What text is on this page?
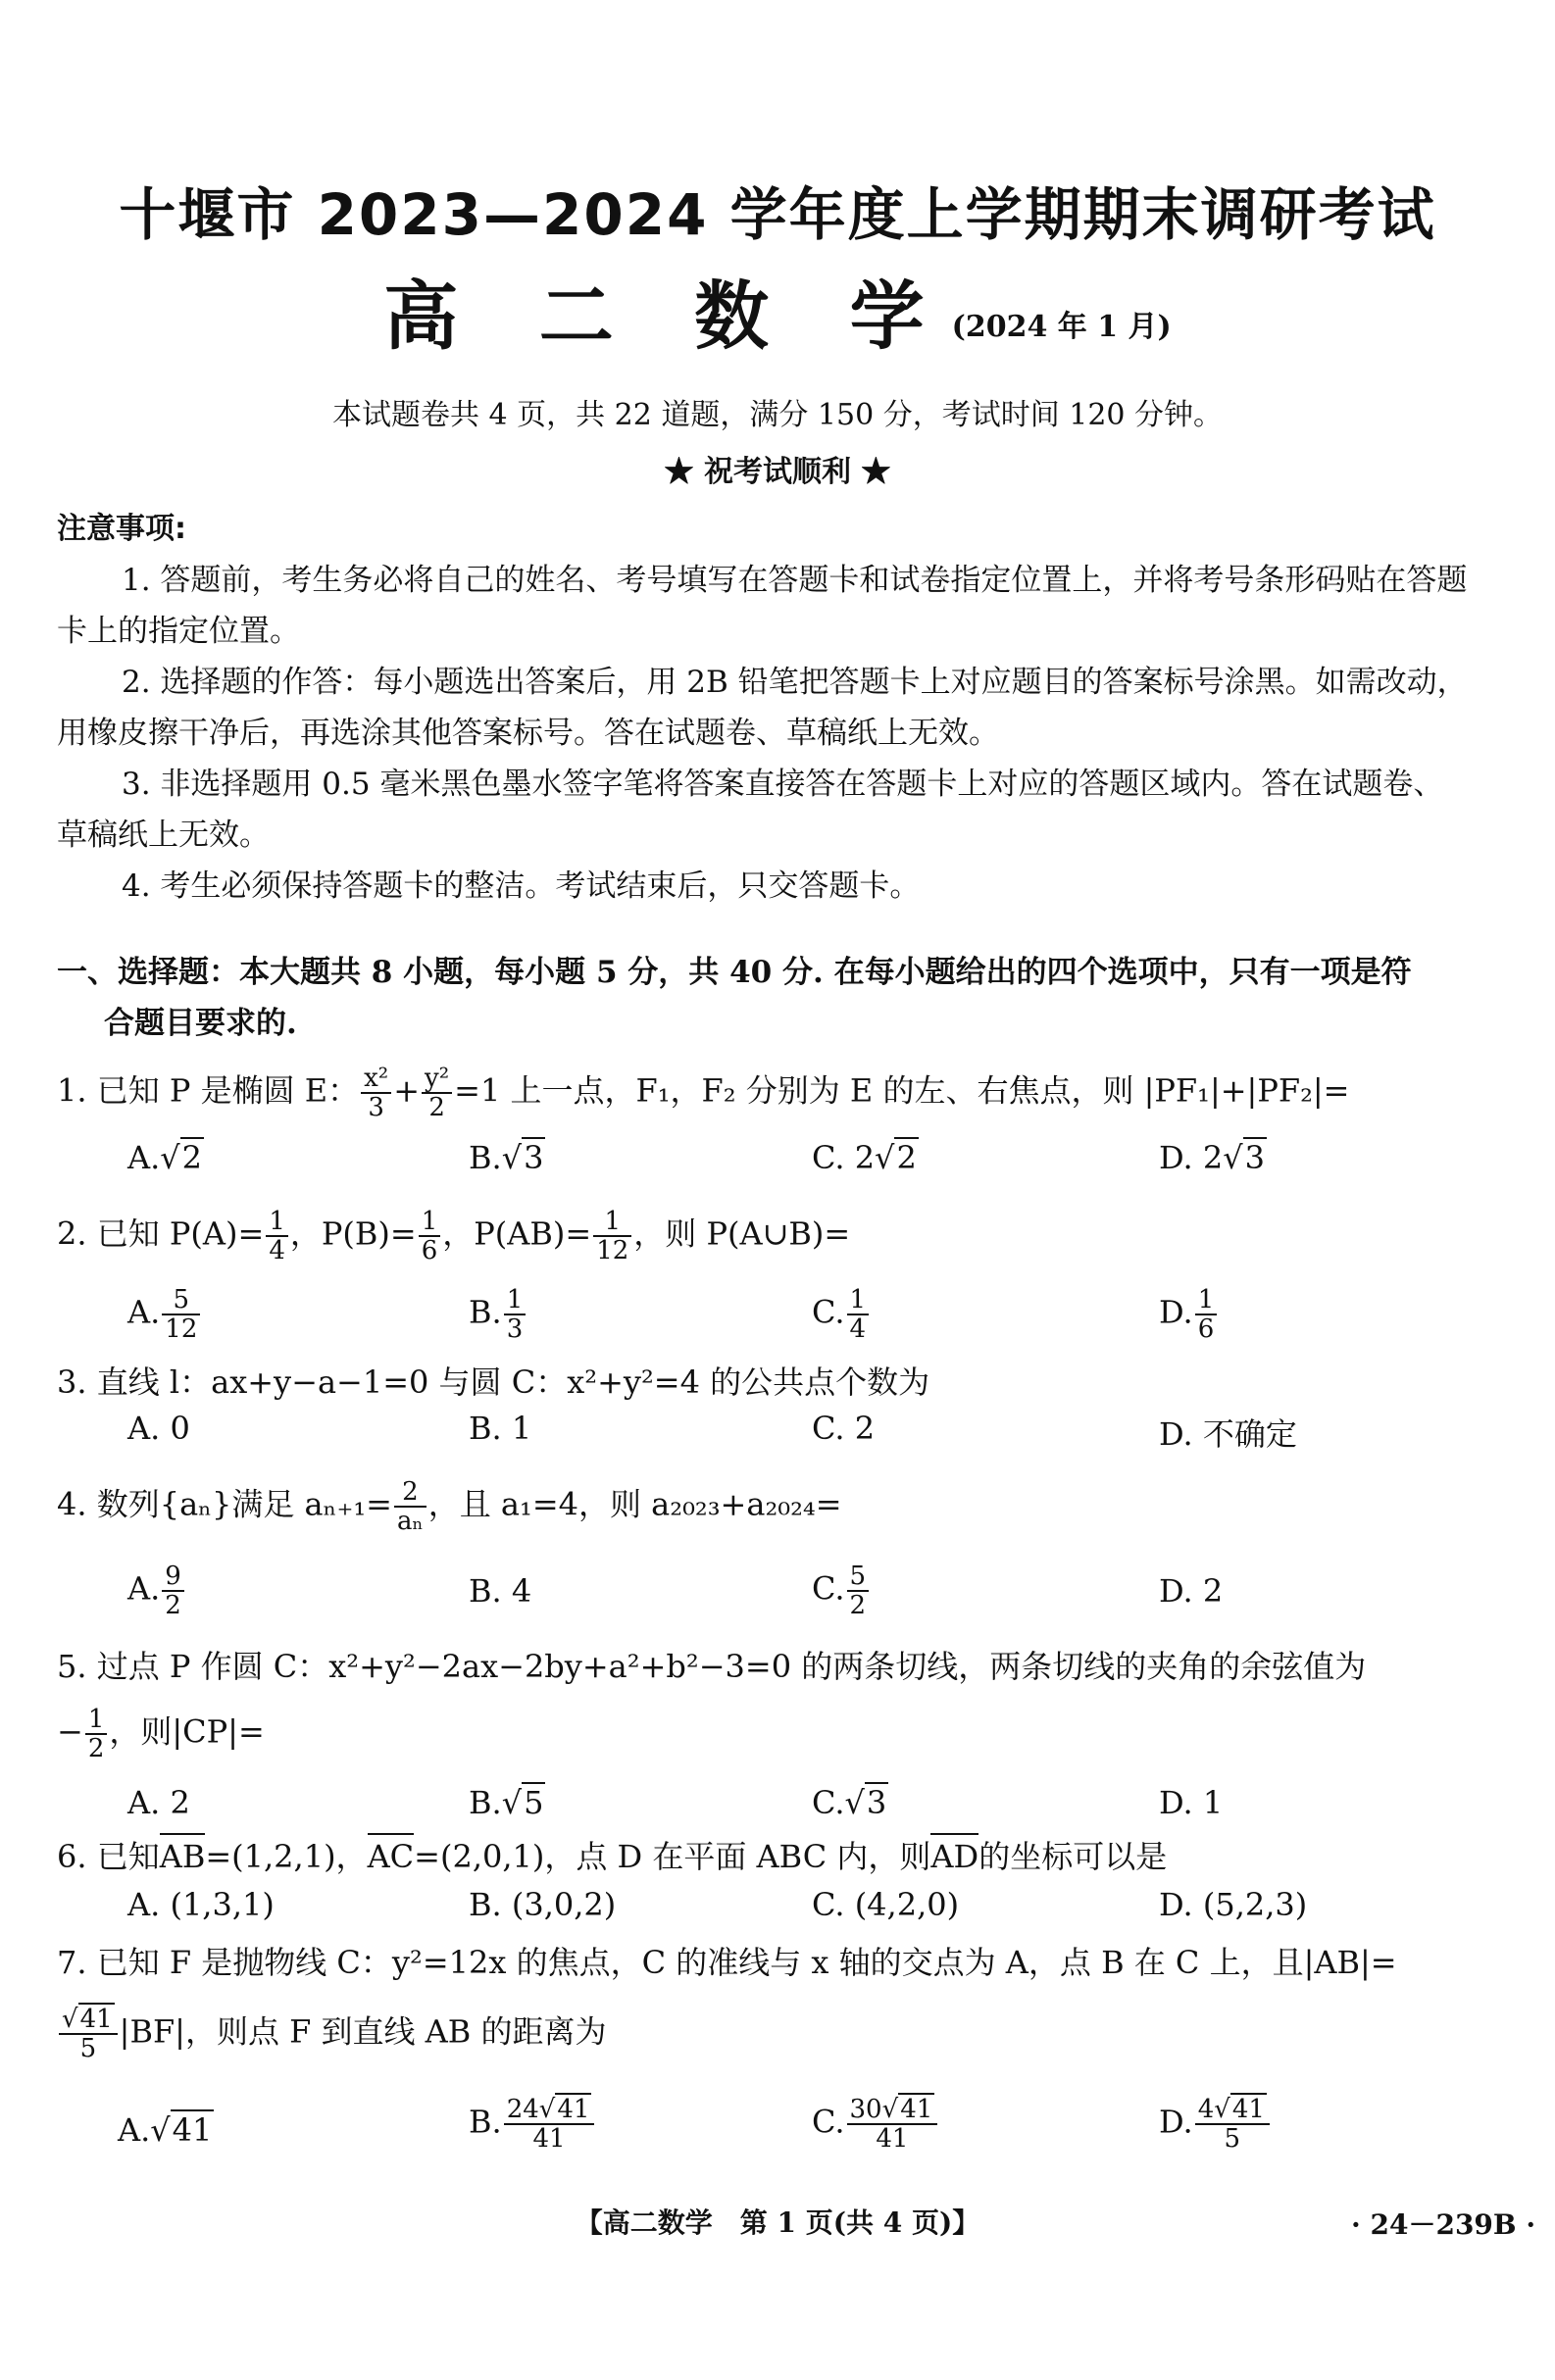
十堰市 2023—2024 学年度上学期期末调研考试
高 二 数 学(2024 年 1 月)
本试题卷共 4 页，共 22 道题，满分 150 分，考试时间 120 分钟。
★ 祝考试顺利 ★
注意事项:
1. 答题前，考生务必将自己的姓名、考号填写在答题卡和试卷指定位置上，并将考号条形码贴在答题卡上的指定位置。
2. 选择题的作答：每小题选出答案后，用 2B 铅笔把答题卡上对应题目的答案标号涂黑。如需改动，用橡皮擦干净后，再选涂其他答案标号。答在试题卷、草稿纸上无效。
3. 非选择题用 0.5 毫米黑色墨水签字笔将答案直接答在答题卡上对应的答题区域内。答在试题卷、草稿纸上无效。
4. 考生必须保持答题卡的整洁。考试结束后，只交答题卡。
一、选择题：本大题共 8 小题，每小题 5 分，共 40 分. 在每小题给出的四个选项中，只有一项是符
合题目要求的.
1. 已知 P 是椭圆 E： $\frac{\text{x²}}{3} + \frac{\text{y²}}{2} =1$ 上一点，F₁，F₂ 分别为 E 的左、右焦点，则 |PF₁|+|PF₂|=
A.√2	B.√3	C. 2√2	D. 2√3
2. 已知 $P(A)= \frac{1}{4}$ ，$P(B)= \frac{1}{6}$ ，$P(AB)= \frac{1}{12}$ ，则 P(A∪B)=
A. $\frac{5}{12}$	B. $\frac{1}{3}$	C. $\frac{1}{4}$	D. $\frac{1}{6}$
3. 直线 l：ax+y−a−1=0 与圆 C：x²+y²=4 的公共点个数为
A. 0	B. 1	C. 2	D. 不确定
4. 数列{aₙ}满足 $a_{n+1}= \frac{2}{\text{aₙ}}$ ，且 a₁=4，则 a₂₀₂₃+a₂₀₂₄=
A. $\frac{9}{2}$	B. 4	C. $\frac{5}{2}$	D. 2
5. 过点 P 作圆 C：x²+y²−2ax−2by+a²+b²−3=0 的两条切线，两条切线的夹角的余弦值为
− $\frac{1}{2}$ ，则|CP|=
A. 2	B.√5	C.√3	D. 1
6. 已知AB=(1,2,1)，AC=(2,0,1)，点 D 在平面 ABC 内，则AD的坐标可以是
A. (1,3,1)	B. (3,0,2)	C. (4,2,0)	D. (5,2,3)
7. 已知 F 是抛物线 C：y²=12x 的焦点，C 的准线与 x 轴的交点为 A，点 B 在 C 上，且|AB|=
$\frac{√41}{5} |BF|$，则点 F 到直线 AB 的距离为
A.√41	B. $\frac{24√41}{41}$	C. $\frac{30√41}{41}$	D. $\frac{4√41}{5}$
【高二数学　第 1 页(共 4 页)】	· 24－239B ·
